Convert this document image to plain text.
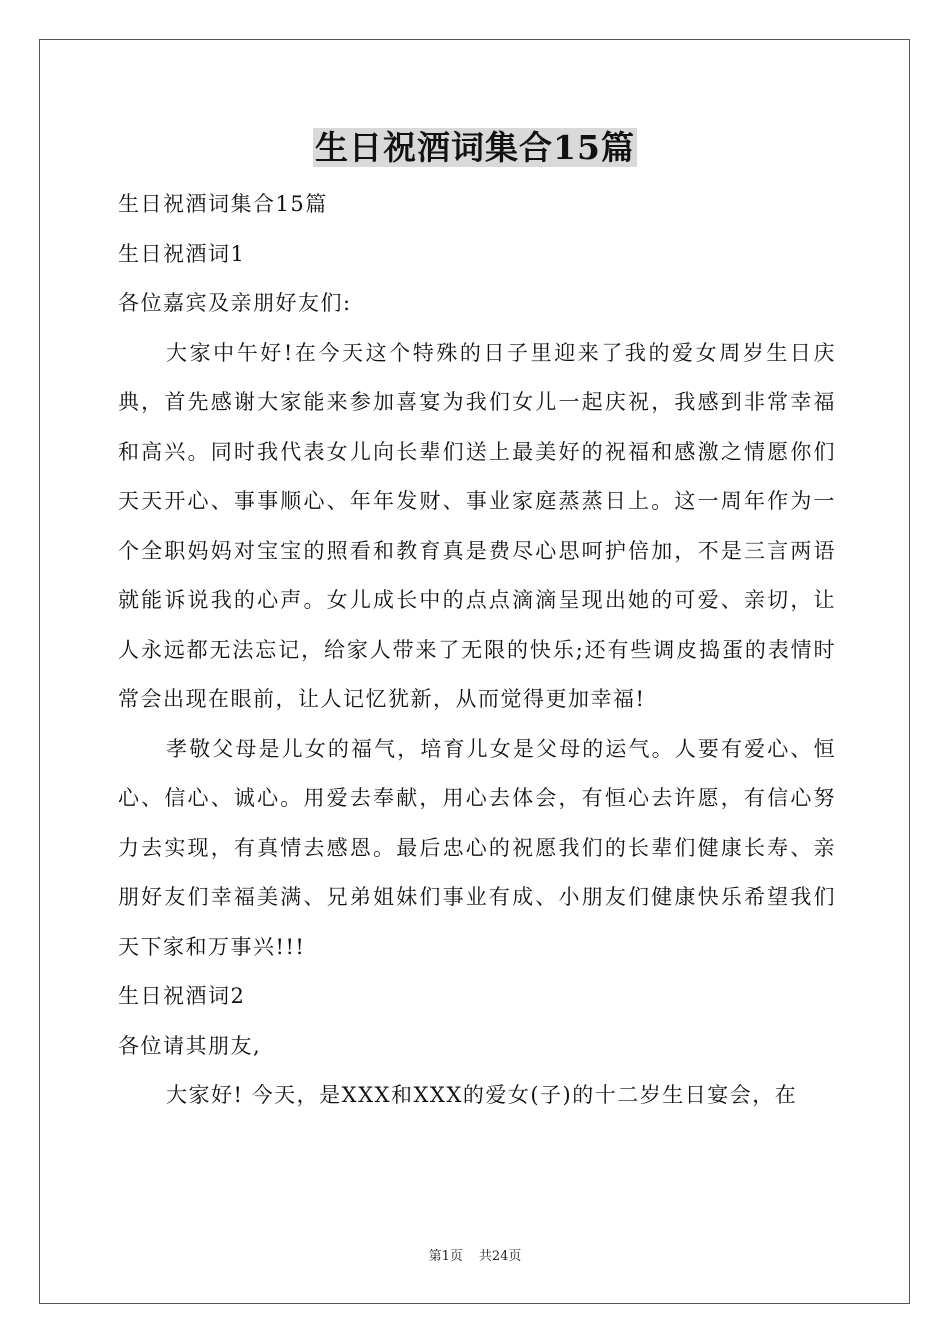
生日祝酒词集合15篇

生日祝酒词集合15篇

生日祝酒词1

各位嘉宾及亲朋好友们:

大家中午好!在今天这个特殊的日子里迎来了我的爱女周岁生日庆典，首先感谢大家能来参加喜宴为我们女儿一起庆祝，我感到非常幸福和高兴。同时我代表女儿向长辈们送上最美好的祝福和感激之情愿你们天天开心、事事顺心、年年发财、事业家庭蒸蒸日上。这一周年作为一个全职妈妈对宝宝的照看和教育真是费尽心思呵护倍加，不是三言两语就能诉说我的心声。女儿成长中的点点滴滴呈现出她的可爱、亲切，让人永远都无法忘记，给家人带来了无限的快乐;还有些调皮捣蛋的表情时常会出现在眼前，让人记忆犹新，从而觉得更加幸福!

孝敬父母是儿女的福气，培育儿女是父母的运气。人要有爱心、恒心、信心、诚心。用爱去奉献，用心去体会，有恒心去许愿，有信心努力去实现，有真情去感恩。最后忠心的祝愿我们的长辈们健康长寿、亲朋好友们幸福美满、兄弟姐妹们事业有成、小朋友们健康快乐希望我们天下家和万事兴!!!

生日祝酒词2

各位请其朋友,

大家好! 今天，是XXX和XXX的爱女(子)的十二岁生日宴会，在

第1页 共24页
